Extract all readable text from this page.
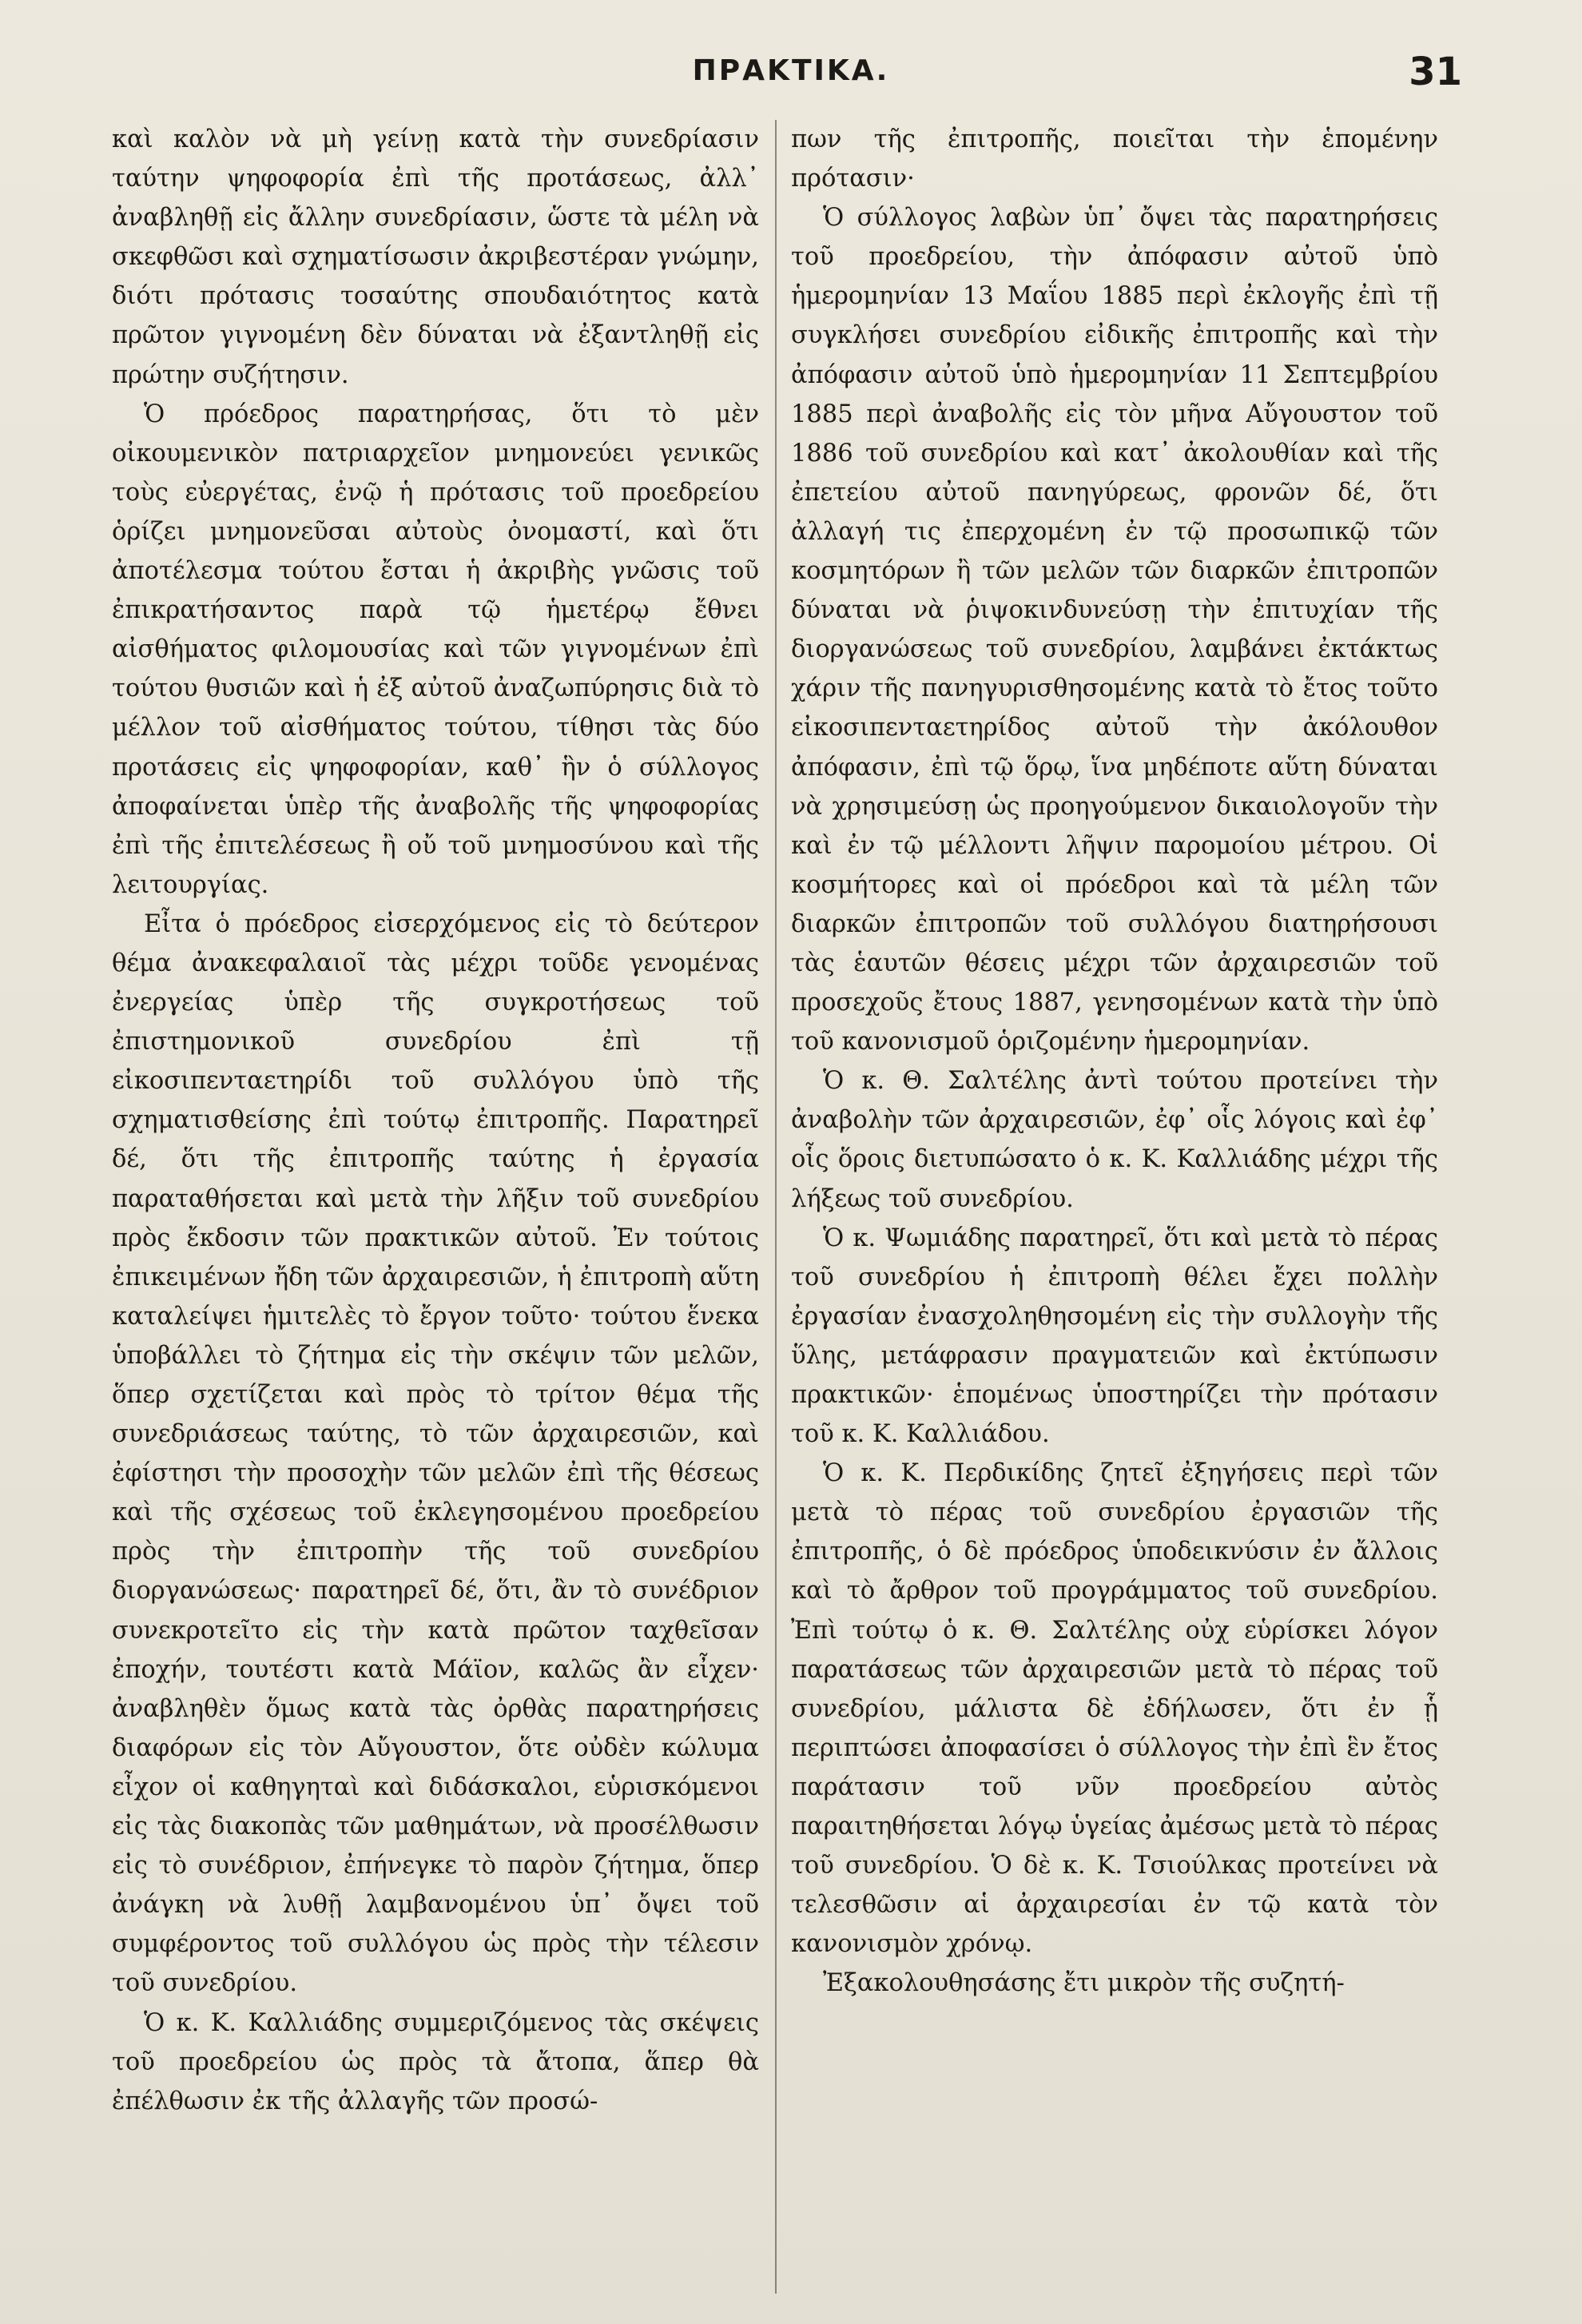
ΠΡΑΚΤΙΚΑ.	31

καὶ καλὸν νὰ μὴ γείνῃ κατὰ τὴν συνεδρίασιν ταύτην ψηφοφορία ἐπὶ τῆς προτάσεως, ἀλλ᾽ ἀναβληθῇ εἰς ἄλλην συνεδρίασιν, ὥστε τὰ μέλη νὰ σκεφθῶσι καὶ σχηματίσωσιν ἀκριβεστέραν γνώμην, διότι πρότασις τοσαύτης σπουδαιότητος κατὰ πρῶτον γιγνομένη δὲν δύναται νὰ ἐξαντληθῇ εἰς πρώτην συζήτησιν.

Ὁ πρόεδρος παρατηρήσας, ὅτι τὸ μὲν οἰκουμενικὸν πατριαρχεῖον μνημονεύει γενικῶς τοὺς εὐεργέτας, ἐνῷ ἡ πρότασις τοῦ προεδρείου ὁρίζει μνημονεῦσαι αὐτοὺς ὀνομαστί, καὶ ὅτι ἀποτέλεσμα τούτου ἔσται ἡ ἀκριβὴς γνῶσις τοῦ ἐπικρατήσαντος παρὰ τῷ ἡμετέρῳ ἔθνει αἰσθήματος φιλομουσίας καὶ τῶν γιγνομένων ἐπὶ τούτου θυσιῶν καὶ ἡ ἐξ αὐτοῦ ἀναζωπύρησις διὰ τὸ μέλλον τοῦ αἰσθήματος τούτου, τίθησι τὰς δύο προτάσεις εἰς ψηφοφορίαν, καθ᾽ ἣν ὁ σύλλογος ἀποφαίνεται ὑπὲρ τῆς ἀναβολῆς τῆς ψηφοφορίας ἐπὶ τῆς ἐπιτελέσεως ἢ οὔ τοῦ μνημοσύνου καὶ τῆς λειτουργίας.

Εἶτα ὁ πρόεδρος εἰσερχόμενος εἰς τὸ δεύτερον θέμα ἀνακεφαλαιοῖ τὰς μέχρι τοῦδε γενομένας ἐνεργείας ὑπὲρ τῆς συγκροτήσεως τοῦ ἐπιστημονικοῦ συνεδρίου ἐπὶ τῇ εἰκοσιπενταετηρίδι τοῦ συλλόγου ὑπὸ τῆς σχηματισθείσης ἐπὶ τούτῳ ἐπιτροπῆς. Παρατηρεῖ δέ, ὅτι τῆς ἐπιτροπῆς ταύτης ἡ ἐργασία παραταθήσεται καὶ μετὰ τὴν λῆξιν τοῦ συνεδρίου πρὸς ἔκδοσιν τῶν πρακτικῶν αὐτοῦ. Ἐν τούτοις ἐπικειμένων ἤδη τῶν ἀρχαιρεσιῶν, ἡ ἐπιτροπὴ αὕτη καταλείψει ἡμιτελὲς τὸ ἔργον τοῦτο· τούτου ἕνεκα ὑποβάλλει τὸ ζήτημα εἰς τὴν σκέψιν τῶν μελῶν, ὅπερ σχετίζεται καὶ πρὸς τὸ τρίτον θέμα τῆς συνεδριάσεως ταύτης, τὸ τῶν ἀρχαιρεσιῶν, καὶ ἐφίστησι τὴν προσοχὴν τῶν μελῶν ἐπὶ τῆς θέσεως καὶ τῆς σχέσεως τοῦ ἐκλεγησομένου προεδρείου πρὸς τὴν ἐπιτροπὴν τῆς τοῦ συνεδρίου διοργανώσεως· παρατηρεῖ δέ, ὅτι, ἂν τὸ συνέδριον συνεκροτεῖτο εἰς τὴν κατὰ πρῶτον ταχθεῖσαν ἐποχήν, τουτέστι κατὰ Μάϊον, καλῶς ἂν εἶχεν· ἀναβληθὲν ὅμως κατὰ τὰς ὀρθὰς παρατηρήσεις διαφόρων εἰς τὸν Αὔγουστον, ὅτε οὐδὲν κώλυμα εἶχον οἱ καθηγηταὶ καὶ διδάσκαλοι, εὑρισκόμενοι εἰς τὰς διακοπὰς τῶν μαθημάτων, νὰ προσέλθωσιν εἰς τὸ συνέδριον, ἐπήνεγκε τὸ παρὸν ζήτημα, ὅπερ ἀνάγκη νὰ λυθῇ λαμβανομένου ὑπ᾽ ὄψει τοῦ συμφέροντος τοῦ συλλόγου ὡς πρὸς τὴν τέλεσιν τοῦ συνεδρίου.

Ὁ κ. Κ. Καλλιάδης συμμεριζόμενος τὰς σκέψεις τοῦ προεδρείου ὡς πρὸς τὰ ἄτοπα, ἅπερ θὰ ἐπέλθωσιν ἐκ τῆς ἀλλαγῆς τῶν προσώ-

πων τῆς ἐπιτροπῆς, ποιεῖται τὴν ἑπομένην πρότασιν·

Ὁ σύλλογος λαβὼν ὑπ᾽ ὄψει τὰς παρατηρήσεις τοῦ προεδρείου, τὴν ἀπόφασιν αὐτοῦ ὑπὸ ἡμερομηνίαν 13 Μαΐου 1885 περὶ ἐκλογῆς ἐπὶ τῇ συγκλήσει συνεδρίου εἰδικῆς ἐπιτροπῆς καὶ τὴν ἀπόφασιν αὐτοῦ ὑπὸ ἡμερομηνίαν 11 Σεπτεμβρίου 1885 περὶ ἀναβολῆς εἰς τὸν μῆνα Αὔγουστον τοῦ 1886 τοῦ συνεδρίου καὶ κατ᾽ ἀκολουθίαν καὶ τῆς ἐπετείου αὐτοῦ πανηγύρεως, φρονῶν δέ, ὅτι ἀλλαγή τις ἐπερχομένη ἐν τῷ προσωπικῷ τῶν κοσμητόρων ἢ τῶν μελῶν τῶν διαρκῶν ἐπιτροπῶν δύναται νὰ ῥιψοκινδυνεύσῃ τὴν ἐπιτυχίαν τῆς διοργανώσεως τοῦ συνεδρίου, λαμβάνει ἐκτάκτως χάριν τῆς πανηγυρισθησομένης κατὰ τὸ ἔτος τοῦτο εἰκοσιπενταετηρίδος αὐτοῦ τὴν ἀκόλουθον ἀπόφασιν, ἐπὶ τῷ ὅρῳ, ἵνα μηδέποτε αὕτη δύναται νὰ χρησιμεύσῃ ὡς προηγούμενον δικαιολογοῦν τὴν καὶ ἐν τῷ μέλλοντι λῆψιν παρομοίου μέτρου. Οἱ κοσμήτορες καὶ οἱ πρόεδροι καὶ τὰ μέλη τῶν διαρκῶν ἐπιτροπῶν τοῦ συλλόγου διατηρήσουσι τὰς ἑαυτῶν θέσεις μέχρι τῶν ἀρχαιρεσιῶν τοῦ προσεχοῦς ἔτους 1887, γενησομένων κατὰ τὴν ὑπὸ τοῦ κανονισμοῦ ὁριζομένην ἡμερομηνίαν.

Ὁ κ. Θ. Σαλτέλης ἀντὶ τούτου προτείνει τὴν ἀναβολὴν τῶν ἀρχαιρεσιῶν, ἐφ᾽ οἷς λόγοις καὶ ἐφ᾽ οἷς ὅροις διετυπώσατο ὁ κ. Κ. Καλλιάδης μέχρι τῆς λήξεως τοῦ συνεδρίου.

Ὁ κ. Ψωμιάδης παρατηρεῖ, ὅτι καὶ μετὰ τὸ πέρας τοῦ συνεδρίου ἡ ἐπιτροπὴ θέλει ἔχει πολλὴν ἐργασίαν ἐνασχοληθησομένη εἰς τὴν συλλογὴν τῆς ὕλης, μετάφρασιν πραγματειῶν καὶ ἐκτύπωσιν πρακτικῶν· ἑπομένως ὑποστηρίζει τὴν πρότασιν τοῦ κ. Κ. Καλλιάδου.

Ὁ κ. Κ. Περδικίδης ζητεῖ ἐξηγήσεις περὶ τῶν μετὰ τὸ πέρας τοῦ συνεδρίου ἐργασιῶν τῆς ἐπιτροπῆς, ὁ δὲ πρόεδρος ὑποδεικνύσιν ἐν ἄλλοις καὶ τὸ ἄρθρον τοῦ προγράμματος τοῦ συνεδρίου. Ἐπὶ τούτῳ ὁ κ. Θ. Σαλτέλης οὐχ εὑρίσκει λόγον παρατάσεως τῶν ἀρχαιρεσιῶν μετὰ τὸ πέρας τοῦ συνεδρίου, μάλιστα δὲ ἐδήλωσεν, ὅτι ἐν ᾗ περιπτώσει ἀποφασίσει ὁ σύλλογος τὴν ἐπὶ ἓν ἔτος παράτασιν τοῦ νῦν προεδρείου αὐτὸς παραιτηθήσεται λόγῳ ὑγείας ἀμέσως μετὰ τὸ πέρας τοῦ συνεδρίου. Ὁ δὲ κ. Κ. Τσιούλκας προτείνει νὰ τελεσθῶσιν αἱ ἀρχαιρεσίαι ἐν τῷ κατὰ τὸν κανονισμὸν χρόνῳ.

Ἐξακολουθησάσης ἔτι μικρὸν τῆς συζητή-
